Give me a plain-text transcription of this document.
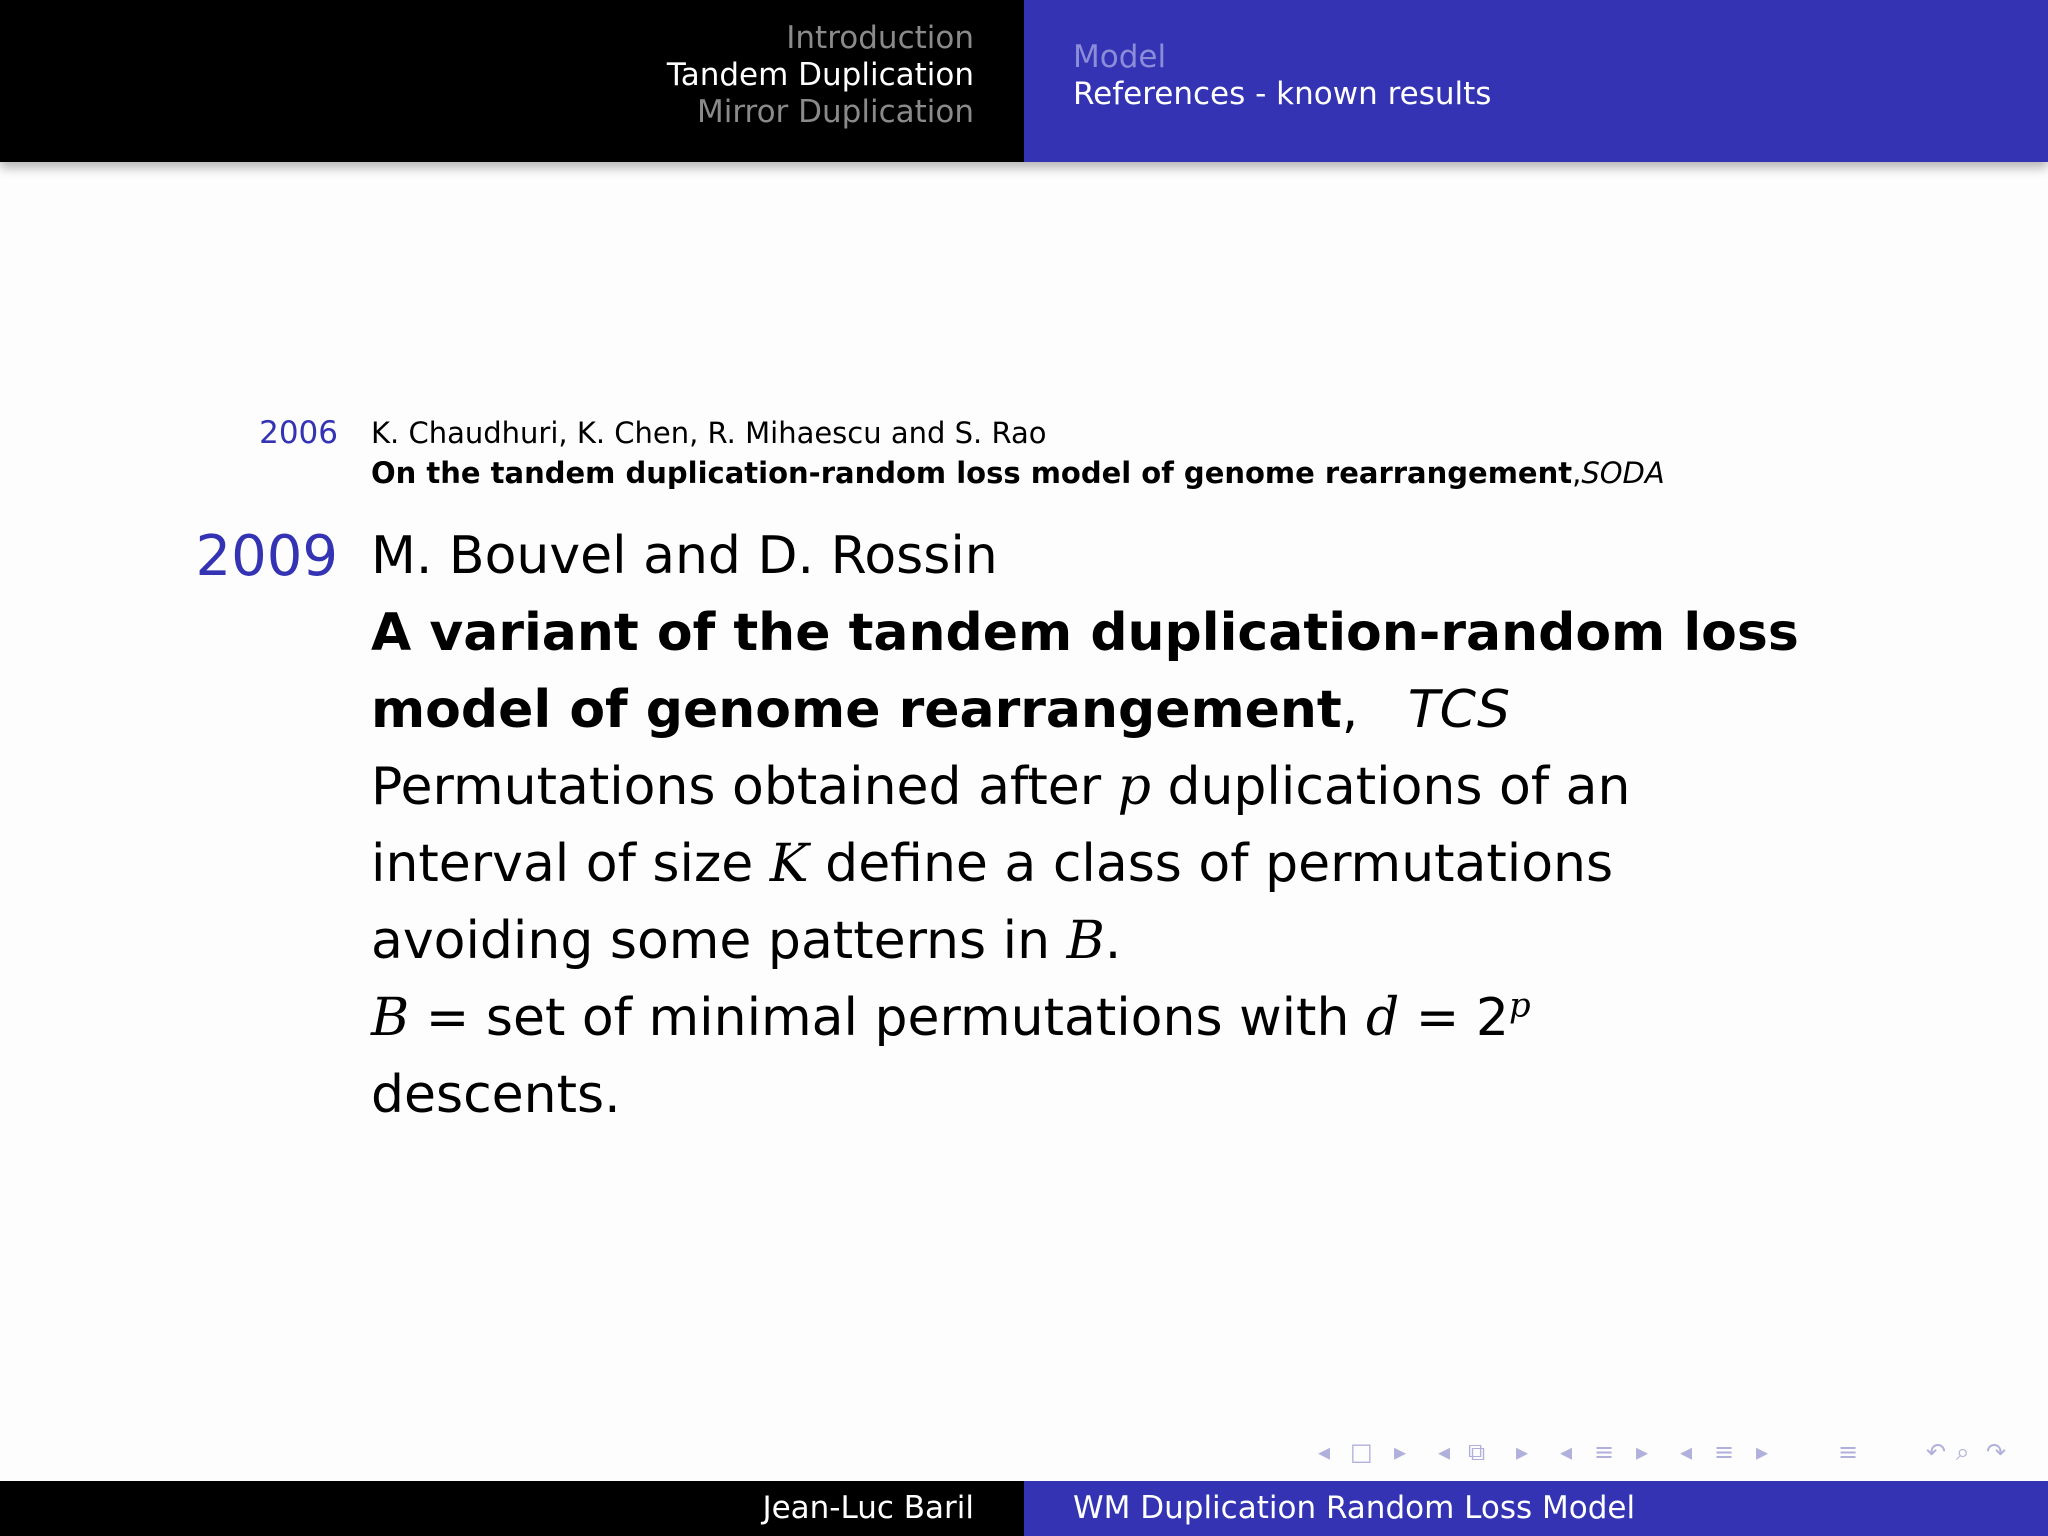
Introduction
Tandem Duplication
Mirror Duplication
Model
References - known results
2006 K. Chaudhuri, K. Chen, R. Mihaescu and S. Rao
On the tandem duplication-random loss model of genome rearrangement,SODA
2009 M. Bouvel and D. Rossin
A variant of the tandem duplication-random loss
model of genome rearrangement,   TCS
Permutations obtained after p duplications of an
interval of size K define a class of permutations
avoiding some patterns in B.
B = set of minimal permutations with $d = 2^p$
descents.
◂ □ ▸ ◂ ⧉ ▸ ◂ ≡ ▸ ◂ ≡ ▸	≡	↶ ⌕ ↷
Jean-Luc Baril	WM Duplication Random Loss Model
